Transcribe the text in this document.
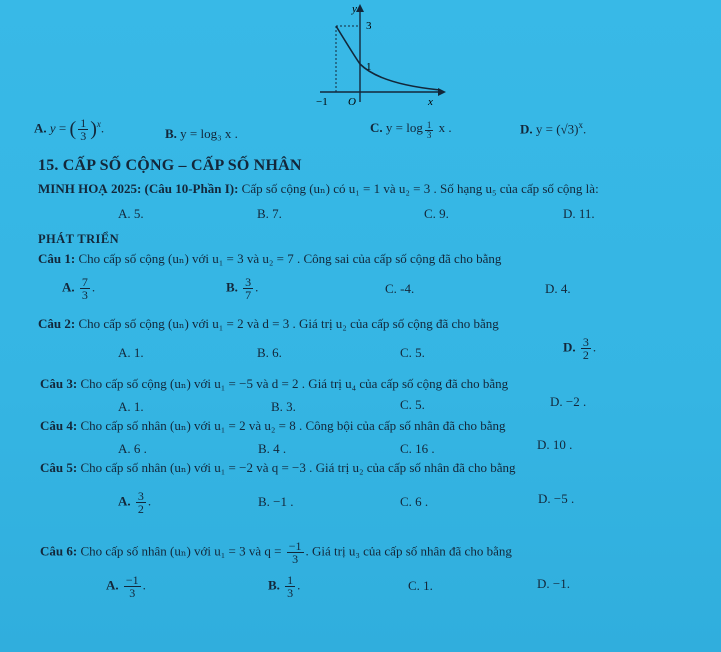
y
3
1
−1 O	x
A. y = ( $\frac{1}{3} )^x$.	B. y = log₃ x .	C. $y = \log \frac{1}{3}$ x .	D. $y = (√3)^x$.
15. CẤP SỐ CỘNG – CẤP SỐ NHÂN
MINH HOẠ 2025: (Câu 10-Phần I): Cấp số cộng (uₙ) có u₁ = 1 và u₂ = 3 . Số hạng u₅ của cấp số cộng là:
A. 5.	B. 7.	C. 9.	D. 11.
PHÁT TRIỂN
Câu 1: Cho cấp số cộng (uₙ) với u₁ = 3 và u₂ = 7 . Công sai của cấp số cộng đã cho bằng
A. $\frac{7}{3}$ .	B. $\frac{3}{7}$ .	C. -4.	D. 4.
Câu 2: Cho cấp số cộng (uₙ) với u₁ = 2 và d = 3 . Giá trị u₂ của cấp số cộng đã cho bằng
A. 1.	B. 6.	C. 5.	D. $\frac{3}{2}$ .
Câu 3: Cho cấp số cộng (uₙ) với u₁ = −5 và d = 2 . Giá trị u₄ của cấp số cộng đã cho bằng
A. 1.	B. 3.	C. 5.	D. −2 .
Câu 4: Cho cấp số nhân (uₙ) với u₁ = 2 và u₂ = 8 . Công bội của cấp số nhân đã cho bằng
A. 6 .	B. 4 .	C. 16 .	D. 10 .
Câu 5: Cho cấp số nhân (uₙ) với u₁ = −2 và q = −3 . Giá trị u₂ của cấp số nhân đã cho bằng
A. $\frac{3}{2}$ .	B. −1 .	C. 6 .	D. −5 .
Câu 6: Cho cấp số nhân (uₙ) với u₁ = 3 và $q = \frac{-1}{3}$ . Giá trị u₃ của cấp số nhân đã cho bằng
A. $\frac{-1}{3}$ .	B. $\frac{1}{3}$ .	C. 1.	D. −1.
